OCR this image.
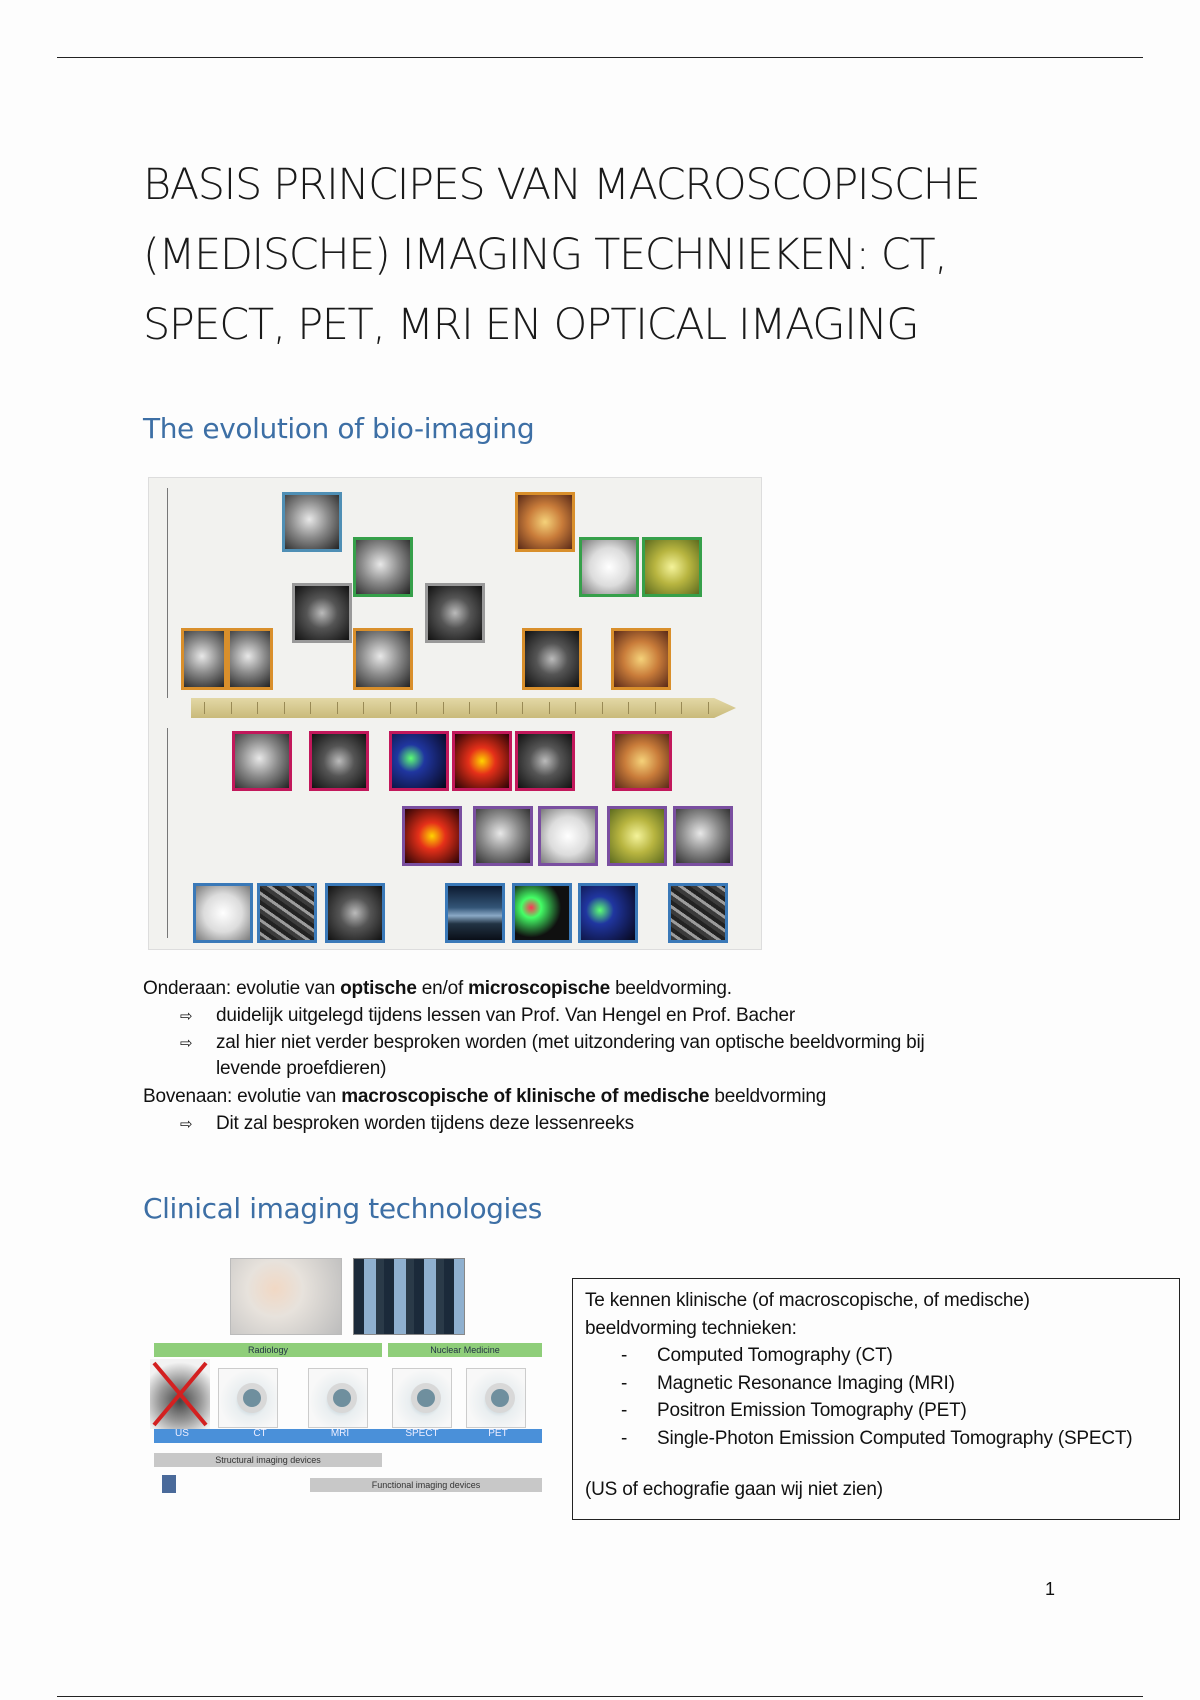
BASIS PRINCIPES VAN MACROSCOPISCHE
(MEDISCHE) IMAGING TECHNIEKEN: CT,
SPECT, PET, MRI EN OPTICAL IMAGING
The evolution of bio-imaging

Onderaan: evolutie van optische en/of microscopische beeldvorming.

⇨ duidelijk uitgelegd tijdens lessen van Prof. Van Hengel en Prof. Bacher

⇨ zal hier niet verder besproken worden (met uitzondering van optische beeldvorming bij
levende proefdieren)

Bovenaan: evolutie van macroscopische of klinische of medische beeldvorming

⇨ Dit zal besproken worden tijdens deze lessenreeks

Clinical imaging technologies
Radiology	Nuclear Medicine
US	CT	MRI	SPECT	PET
Structural imaging devices
Functional imaging devices
Te kennen klinische (of macroscopische, of medische)
beeldvorming technieken:
- Computed Tomography (CT)
- Magnetic Resonance Imaging (MRI)
- Positron Emission Tomography (PET)
- Single-Photon Emission Computed Tomography (SPECT)
(US of echografie gaan wij niet zien)
1
